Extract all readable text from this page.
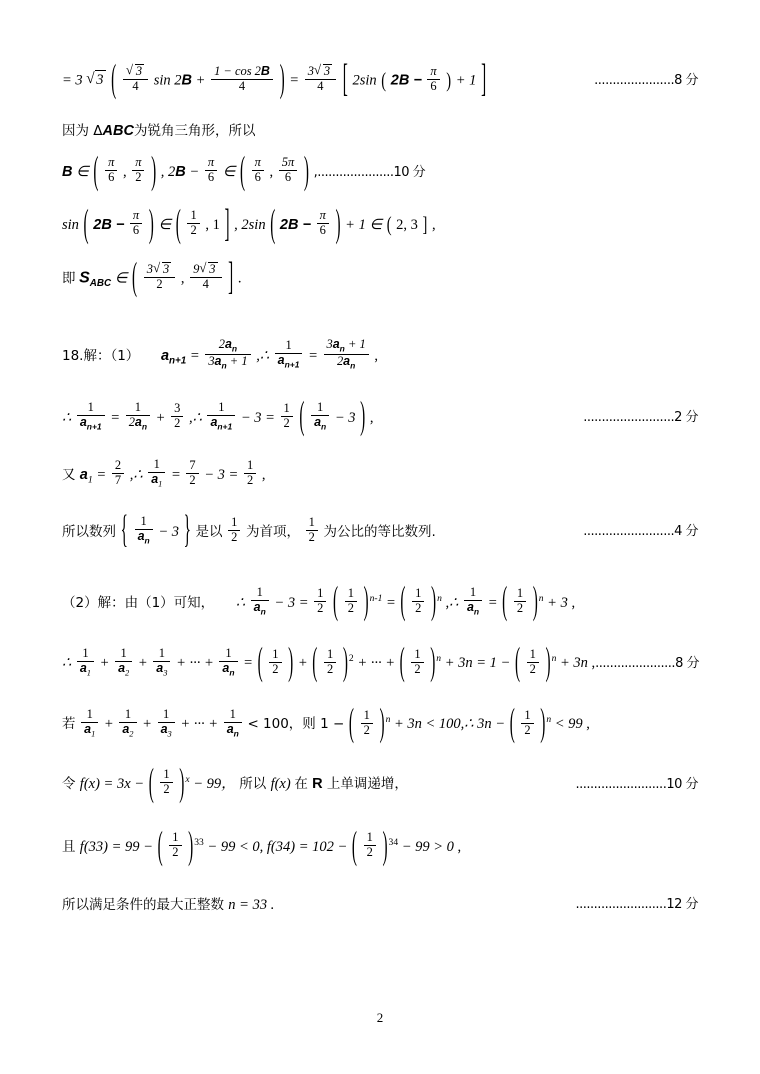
= 3 √ 3 ( √ $\frac{3}{4}$ $\sin 2B + \frac{1 - \cos 2B}{4}$ ) = $\frac{3 √ 3}{4}$ [ 2sin ( $2B - \frac{\pi}{6}$ ) + 1 ]	......................8 分
因为 ΔABC为锐角三角形，所以
B ∈ ( $\frac{\pi}{6}$ , $\frac{\pi}{2}$ ) , $2B - \frac{\pi}{6}$ ∈ ( $\frac{\pi}{6}$ , $\frac{5\pi}{6}$ ) ,.....................10 分
sin ( $2B - \frac{\pi}{6}$ ) ∈ ( $\frac{1}{2}$ , 1 ] , 2sin ( $2B - \frac{\pi}{6}$ ) + 1 ∈ ( 2, 3 ] ,
即 $S_{ABC}$ ∈ ( $\frac{3 √ 3}{2}$ , $\frac{9 √ 3}{4}$ ] .
18.解：（1） $a_{n+1} = \frac{2a_n}{3a_n + 1}$ ,∴ $\frac{1}{a_{n+1}} = \frac{3a_n + 1}{2a_n}$ ,
∴ $\frac{1}{a_{n+1}} = \frac{1}{2a_n} + \frac{3}{2}$ ,∴ $\frac{1}{a_{n+1}} - 3 = \frac{1}{2}$ ( $\frac{1}{a_n} - 3$ ) ,	.........................2 分
又 $a_1 = \frac{2}{7}$ ,∴ $\frac{1}{a_1} = \frac{7}{2} - 3 = \frac{1}{2}$ ,
所以数列 { $\frac{1}{a_n} - 3$ } 是以 $\frac{1}{2}$ 为首项， $\frac{1}{2}$ 为公比的等比数列.	.........................4 分
（2）解：由（1）可知， ∴ $\frac{1}{a_n} - 3 = \frac{1}{2}$ ( $\frac{1}{2} )^{n-1}$ = ( $\frac{1}{2} )^n$ ,∴ $\frac{1}{a_n}$ = ( $\frac{1}{2} )^n + 3$ ,
∴ $\frac{1}{a_1} + \frac{1}{a_2} + \frac{1}{a_3}$ + ··· + $\frac{1}{a_n}$ = ( $\frac{1}{2}$ ) + ( $\frac{1}{2} )^2$ + ··· + ( $\frac{1}{2} )^n + 3n = 1$ − ( $\frac{1}{2} )^n + 3n$ , ......................8 分
若 $\frac{1}{a_1} + \frac{1}{a_2} + \frac{1}{a_3}$ + ··· + $\frac{1}{a_n} < 100$，则 1 − ( $\frac{1}{2} )^n + 3n$ < 100,∴ 3n − ( $\frac{1}{2} )^n < 99$ ,
令 f(x) = 3x − ( $\frac{1}{2} )^x - 99$， 所以 f(x) 在 R 上单调递增，	.........................10 分
且 f(33) = 99 − ( $\frac{1}{2} )^{33} - 99 < 0$, f(34) = 102 − ( $\frac{1}{2} )^{34} - 99 > 0$ ,
所以满足条件的最大正整数 n = 33 .	.........................12 分
2
